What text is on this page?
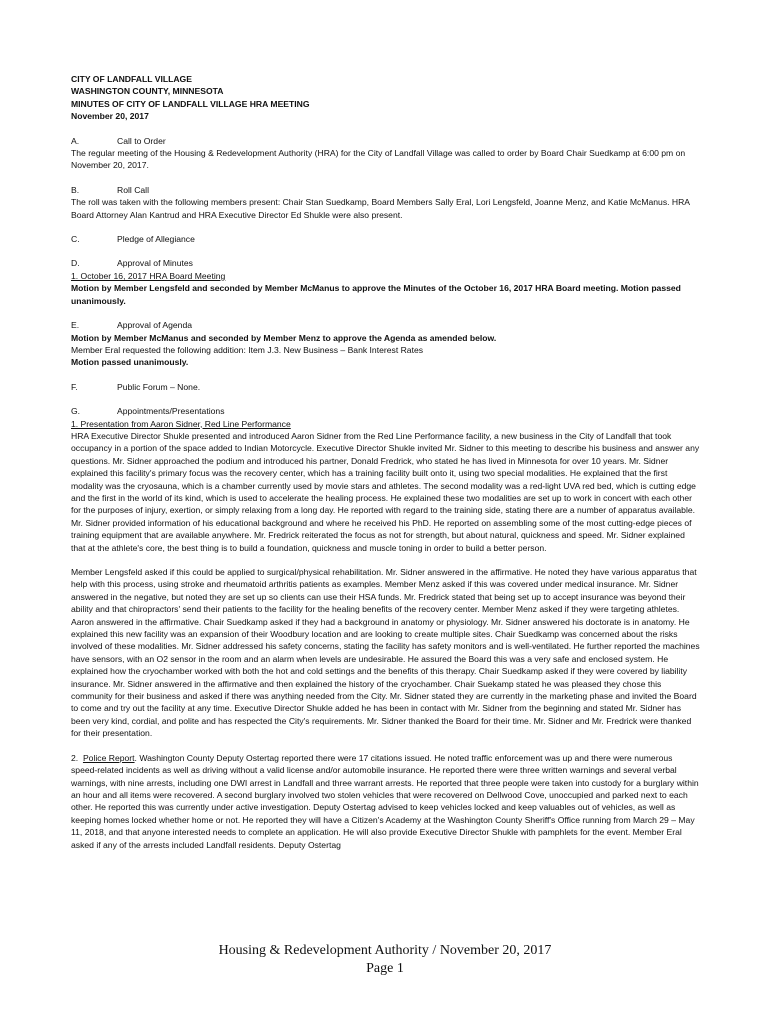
CITY OF LANDFALL VILLAGE

WASHINGTON COUNTY, MINNESOTA

MINUTES OF CITY OF LANDFALL VILLAGE HRA MEETING

November 20, 2017

A.	Call to Order

The regular meeting of the Housing & Redevelopment Authority (HRA) for the City of Landfall Village was called to order by Board Chair Suedkamp at 6:00 pm on November 20, 2017.

B.	Roll Call

The roll was taken with the following members present: Chair Stan Suedkamp, Board Members Sally Eral, Lori Lengsfeld, Joanne Menz, and Katie McManus. HRA Board Attorney Alan Kantrud and HRA Executive Director Ed Shukle were also present.

C.	Pledge of Allegiance
D.	Approval of Minutes

1. October 16, 2017 HRA Board Meeting

Motion by Member Lengsfeld and seconded by Member McManus to approve the Minutes of the October 16, 2017 HRA Board meeting. Motion passed unanimously.

E.	Approval of Agenda

Motion by Member McManus and seconded by Member Menz to approve the Agenda as amended below.

Member Eral requested the following addition: Item J.3. New Business – Bank Interest Rates

Motion passed unanimously.

F.	Public Forum – None.
G.	Appointments/Presentations

1. Presentation from Aaron Sidner, Red Line Performance

HRA Executive Director Shukle presented and introduced Aaron Sidner from the Red Line Performance facility, a new business in the City of Landfall that took occupancy in a portion of the space added to Indian Motorcycle. Executive Director Shukle invited Mr. Sidner to this meeting to describe his business and answer any questions. Mr. Sidner approached the podium and introduced his partner, Donald Fredrick, who stated he has lived in Minnesota for over 10 years. Mr. Sidner explained this facility's primary focus was the recovery center, which has a training facility built onto it, using two special modalities. He explained that the first modality was the cryosauna, which is a chamber currently used by movie stars and athletes. The second modality was a red-light UVA red bed, which is cutting edge and the first in the world of its kind, which is used to accelerate the healing process. He explained these two modalities are set up to work in concert with each other for the purposes of injury, exertion, or simply relaxing from a long day. He reported with regard to the training side, stating there are a number of apparatus available. Mr. Sidner provided information of his educational background and where he received his PhD. He reported on assembling some of the most cutting-edge pieces of training equipment that are available anywhere. Mr. Fredrick reiterated the focus as not for strength, but about natural, quickness and speed. Mr. Sidner explained that at the athlete's core, the best thing is to build a foundation, quickness and muscle toning in order to build a better person.

Member Lengsfeld asked if this could be applied to surgical/physical rehabilitation. Mr. Sidner answered in the affirmative. He noted they have various apparatus that help with this process, using stroke and rheumatoid arthritis patients as examples. Member Menz asked if this was covered under medical insurance. Mr. Sidner answered in the negative, but noted they are set up so clients can use their HSA funds. Mr. Fredrick stated that being set up to accept insurance was beyond their ability and that chiropractors' send their patients to the facility for the healing benefits of the recovery center. Member Menz asked if they were targeting athletes. Aaron answered in the affirmative. Chair Suedkamp asked if they had a background in anatomy or physiology. Mr. Sidner answered his doctorate is in anatomy. He explained this new facility was an expansion of their Woodbury location and are looking to create multiple sites. Chair Suedkamp was concerned about the risks involved of these modalities. Mr. Sidner addressed his safety concerns, stating the facility has safety monitors and is well-ventilated. He further reported the machines have sensors, with an O2 sensor in the room and an alarm when levels are undesirable. He assured the Board this was a very safe and enclosed system. He explained how the cryochamber worked with both the hot and cold settings and the benefits of this therapy. Chair Suedkamp asked if they were covered by liability insurance. Mr. Sidner answered in the affirmative and then explained the history of the cryochamber. Chair Suekamp stated he was pleased they chose this community for their business and asked if there was anything needed from the City. Mr. Sidner stated they are currently in the marketing phase and invited the Board to come and try out the facility at any time. Executive Director Shukle added he has been in contact with Mr. Sidner from the beginning and stated Mr. Sidner has been very kind, cordial, and polite and has respected the City's requirements. Mr. Sidner thanked the Board for their time. Mr. Sidner and Mr. Fredrick were thanked for their presentation.

2. Police Report. Washington County Deputy Ostertag reported there were 17 citations issued. He noted traffic enforcement was up and there were numerous speed-related incidents as well as driving without a valid license and/or automobile insurance. He reported there were three written warnings and several verbal warnings, with nine arrests, including one DWI arrest in Landfall and three warrant arrests. He reported that three people were taken into custody for a burglary within an hour and all items were recovered. A second burglary involved two stolen vehicles that were recovered on Dellwood Cove, unoccupied and parked next to each other. He reported this was currently under active investigation. Deputy Ostertag advised to keep vehicles locked and keep valuables out of vehicles, as well as keeping homes locked whether home or not. He reported they will have a Citizen's Academy at the Washington County Sheriff's Office running from March 29 – May 11, 2018, and that anyone interested needs to complete an application. He will also provide Executive Director Shukle with pamphlets for the event. Member Eral asked if any of the arrests included Landfall residents. Deputy Ostertag

Housing & Redevelopment Authority / November 20, 2017
Page 1
